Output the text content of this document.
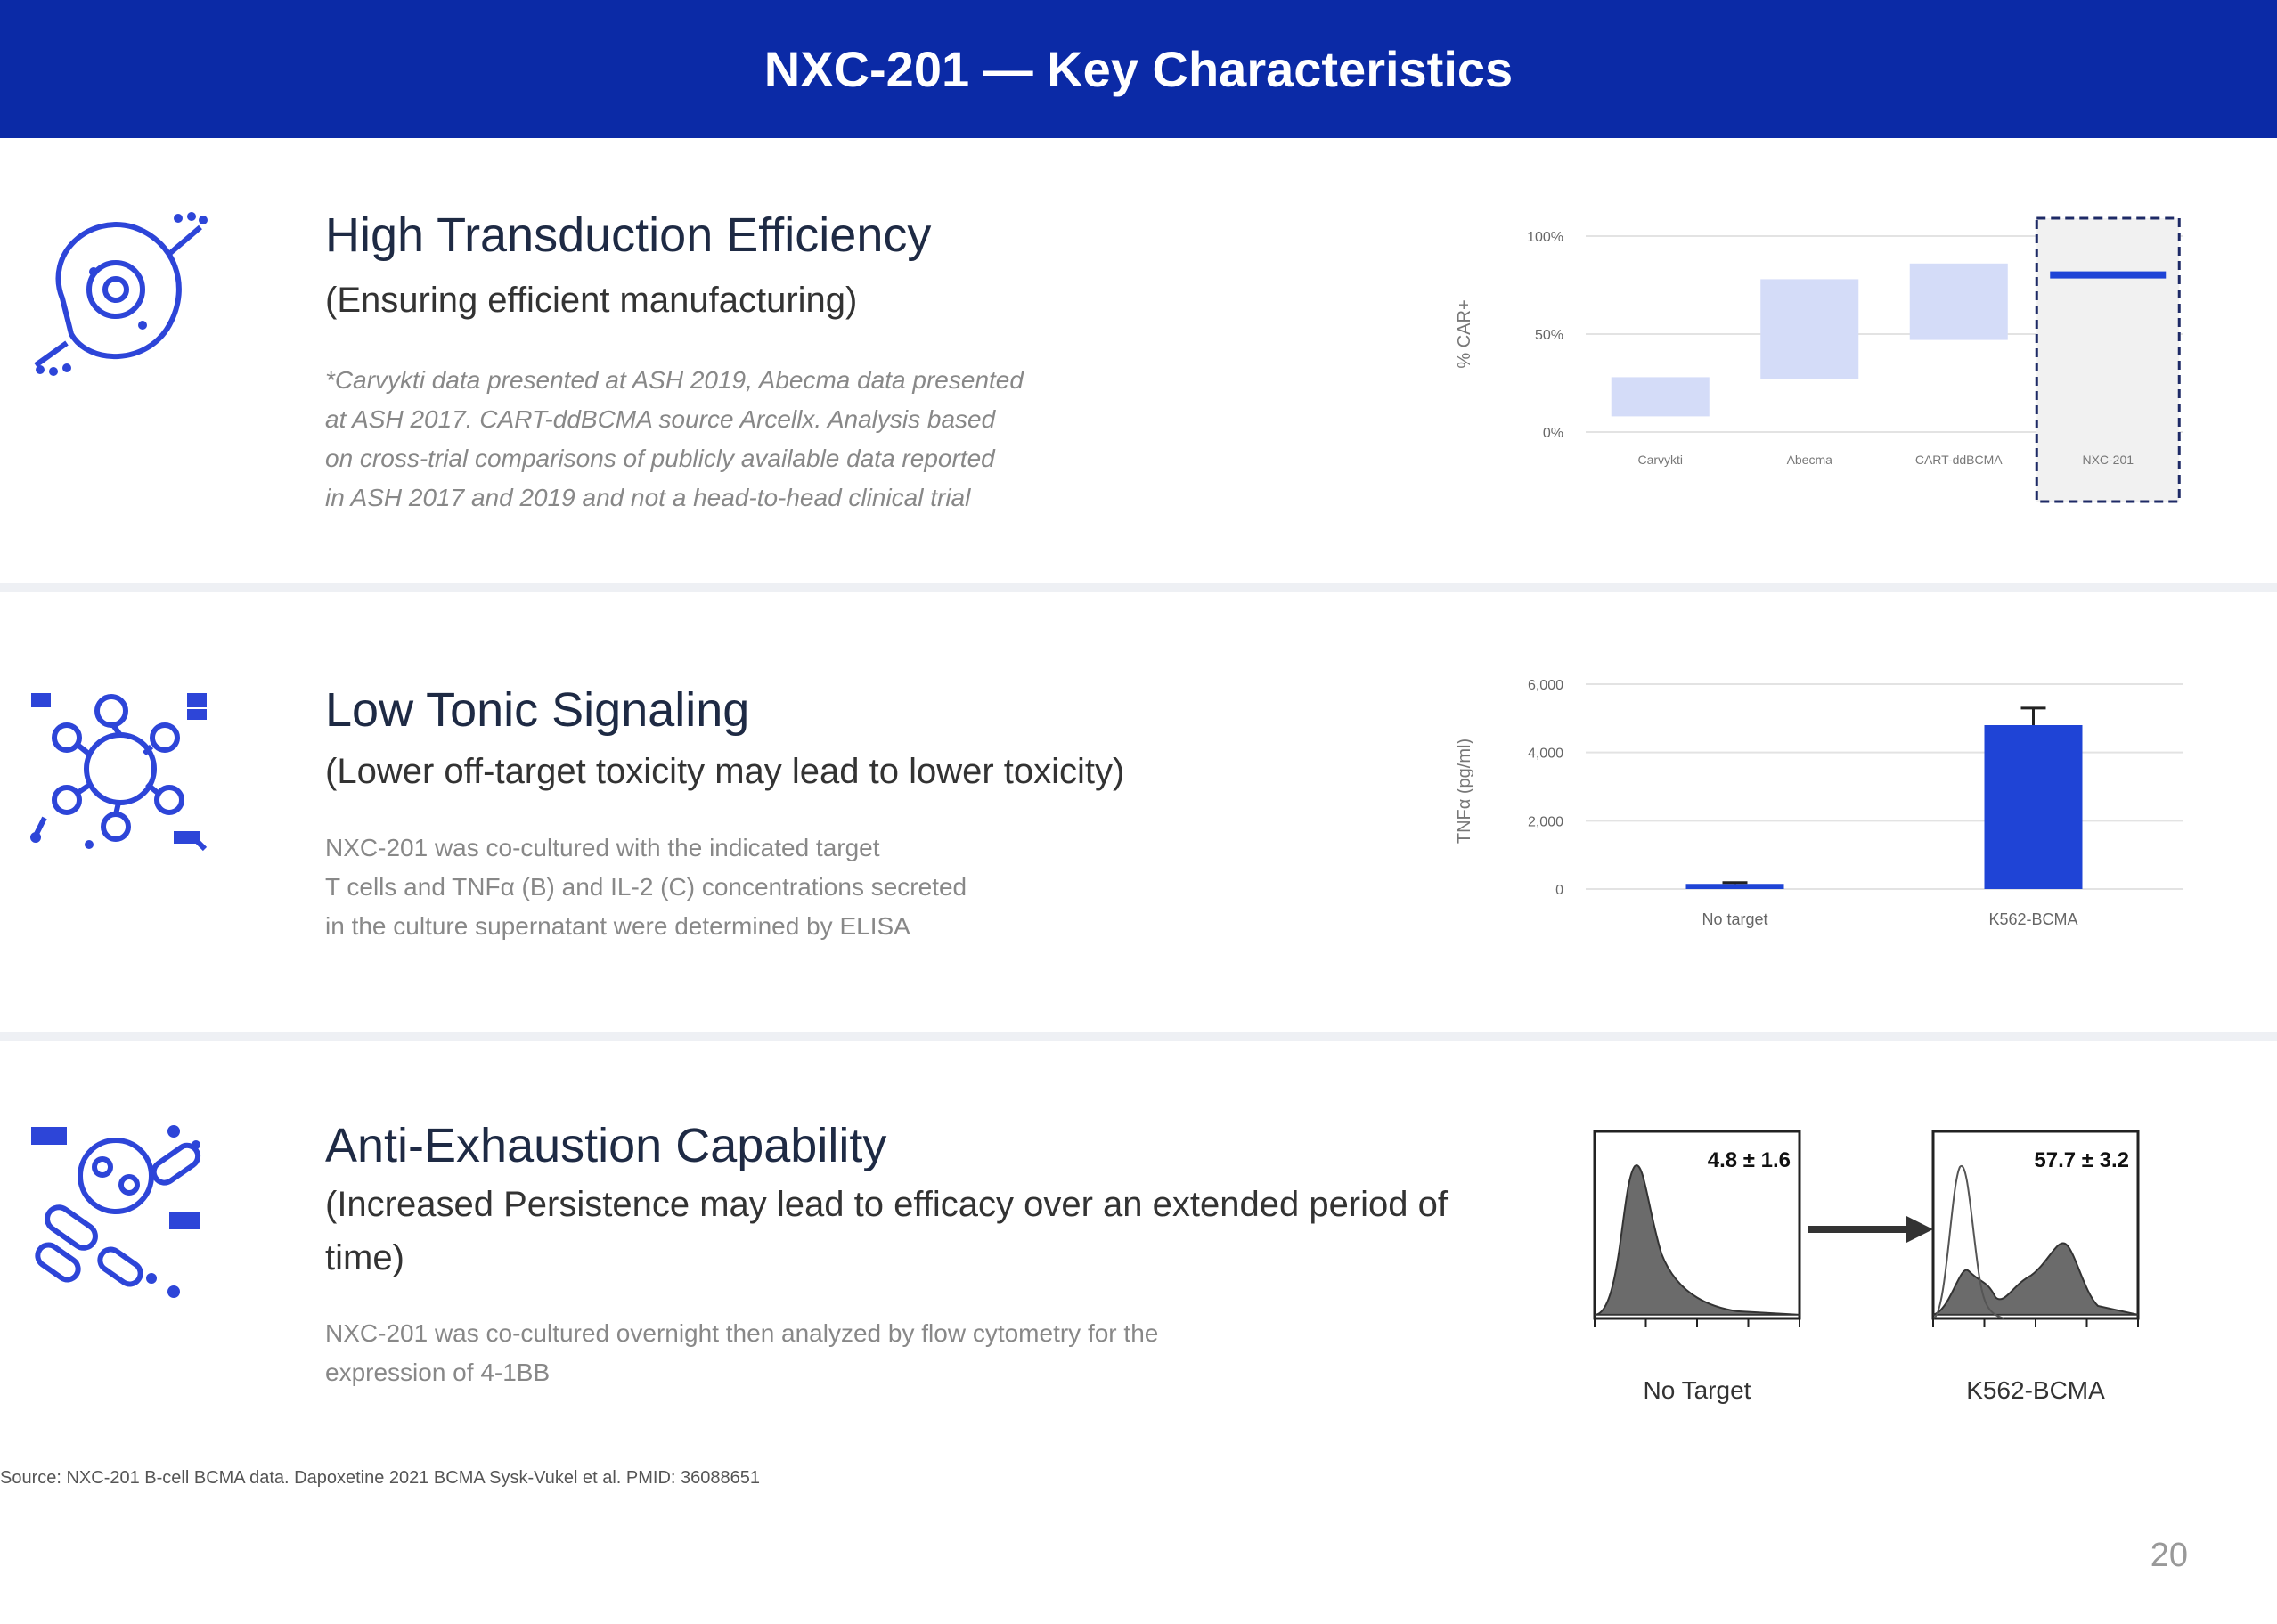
NXC-201 — Key Characteristics
High Transduction Efficiency

(Ensuring efficient manufacturing)

*Carvykti data presented at ASH 2019, Abecma data presented
at ASH 2017. CART-ddBCMA source Arcellx. Analysis based
on cross-trial comparisons of publicly available data reported
in ASH 2017 and 2019 and not a head-to-head clinical trial
100%
50%
0%
% CAR+
Carvykti	Abecma	CART-ddBCMA	NXC-201
Low Tonic Signaling

(Lower off-target toxicity may lead to lower toxicity)

NXC-201 was co-cultured with the indicated target
T cells and TNFα (B) and IL-2 (C) concentrations secreted
in the culture supernatant were determined by ELISA
6,000
4,000
2,000
0
TNFα (pg/ml)
No target	K562-BCMA
Anti-Exhaustion Capability

(Increased Persistence may lead to efficacy over an extended period of time)

NXC-201 was co-cultured overnight then analyzed by flow cytometry for the
expression of 4-1BB
4.8 ± 1.6
No Target
57.7 ± 3.2
K562-BCMA
Source: NXC-201 B-cell BCMA data. Dapoxetine 2021 BCMA Sysk-Vukel et al. PMID: 36088651
20
